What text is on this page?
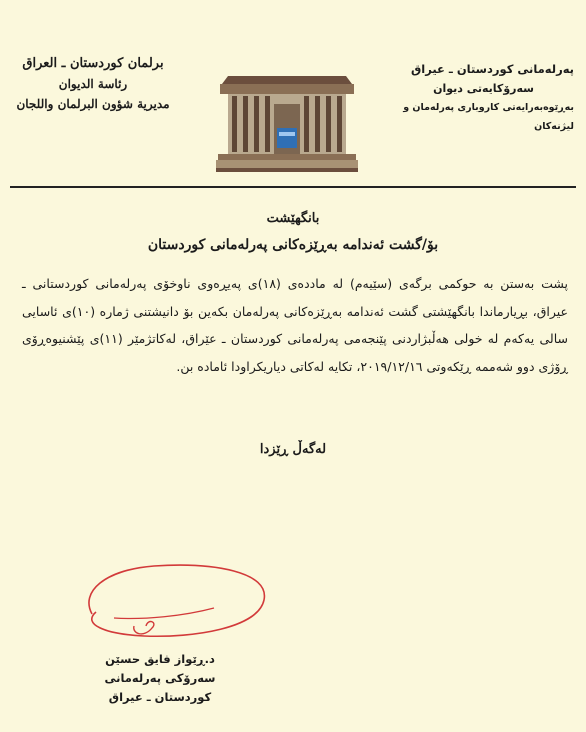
پەرلەمانی کوردستان ـ عیراق
سەرۆکایەتی دیوان
بەڕێوەبەرایەتی کاروباری پەرلەمان و لیژنەکان
برلمان كوردستان ـ العراق
رئاسة الديوان
مديرية شؤون البرلمان واللجان
بانگهێشت
بۆ/گشت ئەندامە بەڕێزەكانی پەرلەمانی کوردستان

پشت بەستن بە حوکمی برگەی (سێیەم) لە ماددەی (١٨)ی پەیڕەوی ناوخۆی پەرلەمانی کوردستانی ـ عیراق، بڕیارماندا بانگهێشتی گشت ئەندامە بەڕێزەکانی پەرلەمان بکەین بۆ دانیشتنی ژمارە (١٠)ی ئاسایی سالی یەکەم لە خولی هەڵبژاردنی پێنجەمی پەرلەمانی کوردستان ـ عێراق، لەکاتژمێر (١١)ی پێشنیوەڕۆی ڕۆژی دوو شەممە ڕێکەوتی ٢٠١٩/١٢/١٦، تکایە لەکاتی دیاریکراودا ئامادە بن.

لەگەڵ ڕێزدا
د.ڕێواز فایق حسێن
سەرۆکی پەرلەمانی
کوردستان ـ عیراق
